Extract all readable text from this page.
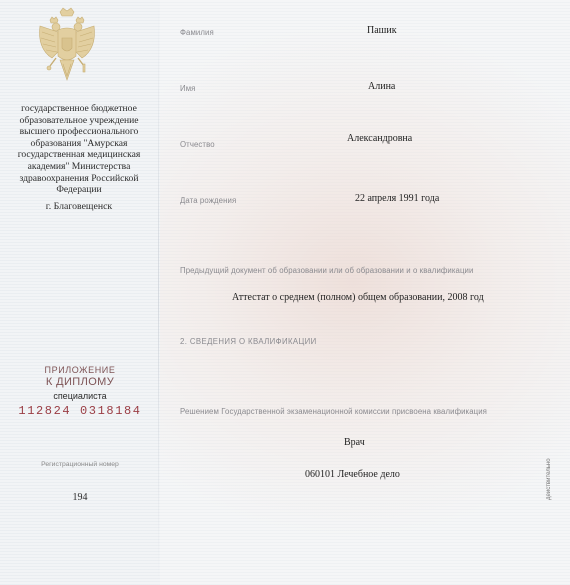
государственное бюджетное образовательное учреждение высшего профессионального образования "Амурская государственная медицинская академия" Министерства здравоохранения Российской Федерации
г. Благовещенск
ПРИЛОЖЕНИЕ
К ДИПЛОМУ
специалиста
112824 0318184
Регистрационный номер
194
Фамилия	Пашик
Имя	Алина
Отчество
Александровна
Дата рождения	22 апреля 1991 года
Предыдущий документ об образовании или об образовании и о квалификации
Аттестат о среднем (полном) общем образовании, 2008 год
2. СВЕДЕНИЯ О КВАЛИФИКАЦИИ
Решением Государственной экзаменационной комиссии присвоена квалификация
Врач
060101 Лечебное дело	действительно
